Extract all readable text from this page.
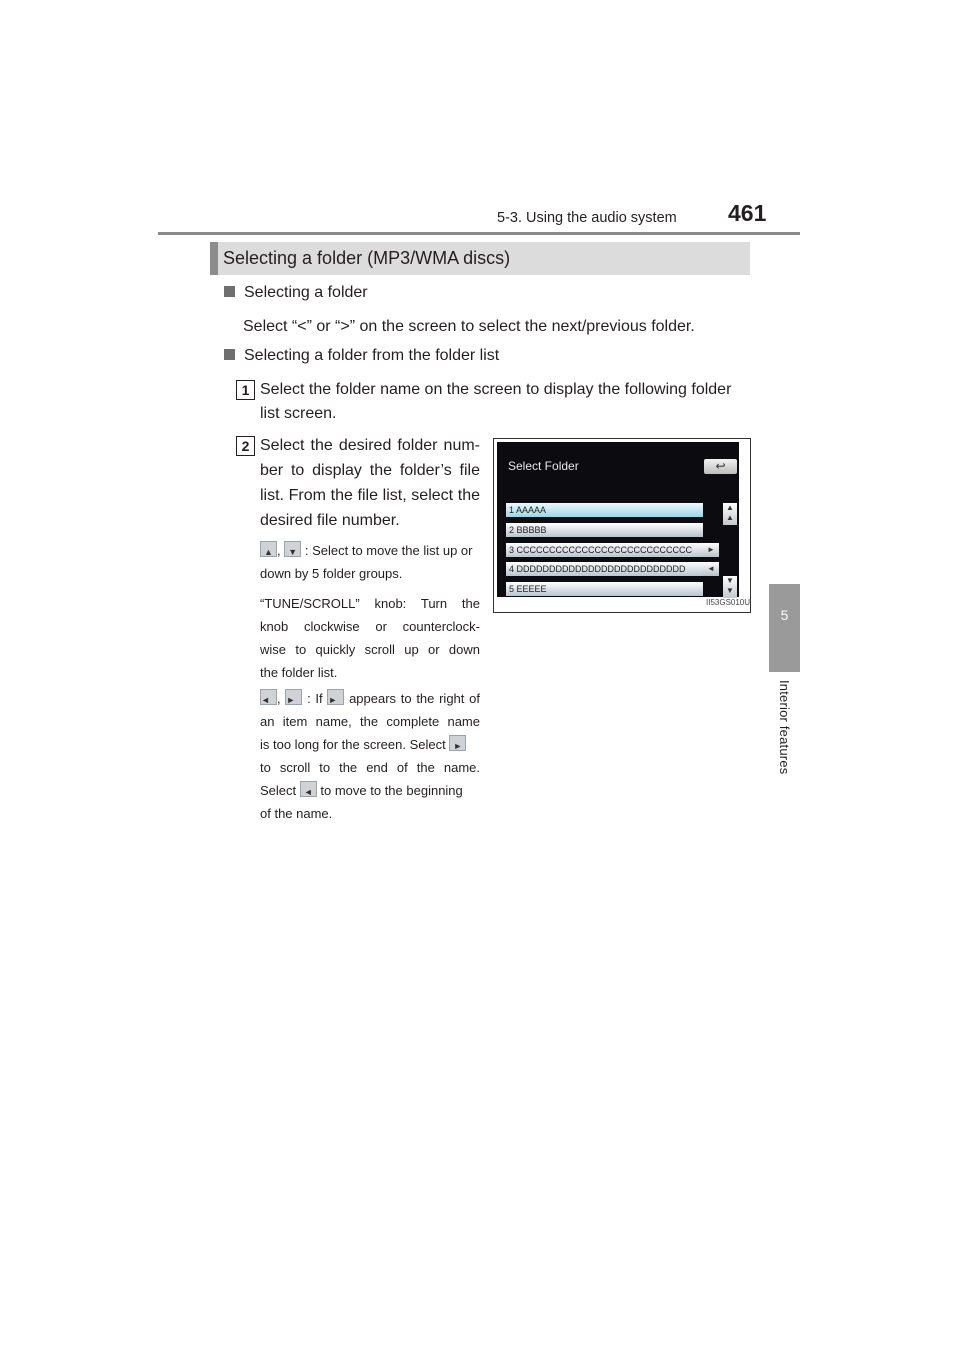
5-3. Using the audio system 461
5
Interior features
Selecting a folder (MP3/WMA discs)
Selecting a folder
Select “<” or “>” on the screen to select the next/previous folder.
Selecting a folder from the folder list
1 Select the folder name on the screen to display the following folder
list screen.
2 Select the desired folder num-
ber to display the folder’s file
list. From the file list, select the
desired file number.
▲ , ▼ : Select to move the list up or
down by 5 folder groups.
“TUNE/SCROLL” knob: Turn the
knob clockwise or counterclock-
wise to quickly scroll up or down
the folder list.
◄ , ► : If ► appears to the right of
an item name, the complete name
is too long for the screen. Select ►
to scroll to the end of the name.
Select ◄ to move to the beginning
of the name.
Select Folder	↩
1 AAAAA
2 BBBBB
3 CCCCCCCCCCCCCCCCCCCCCCCCCCC	►
4 DDDDDDDDDDDDDDDDDDDDDDDDDD	◄
5 EEEEE
▲
▲
▼
▼
II53GS010U
